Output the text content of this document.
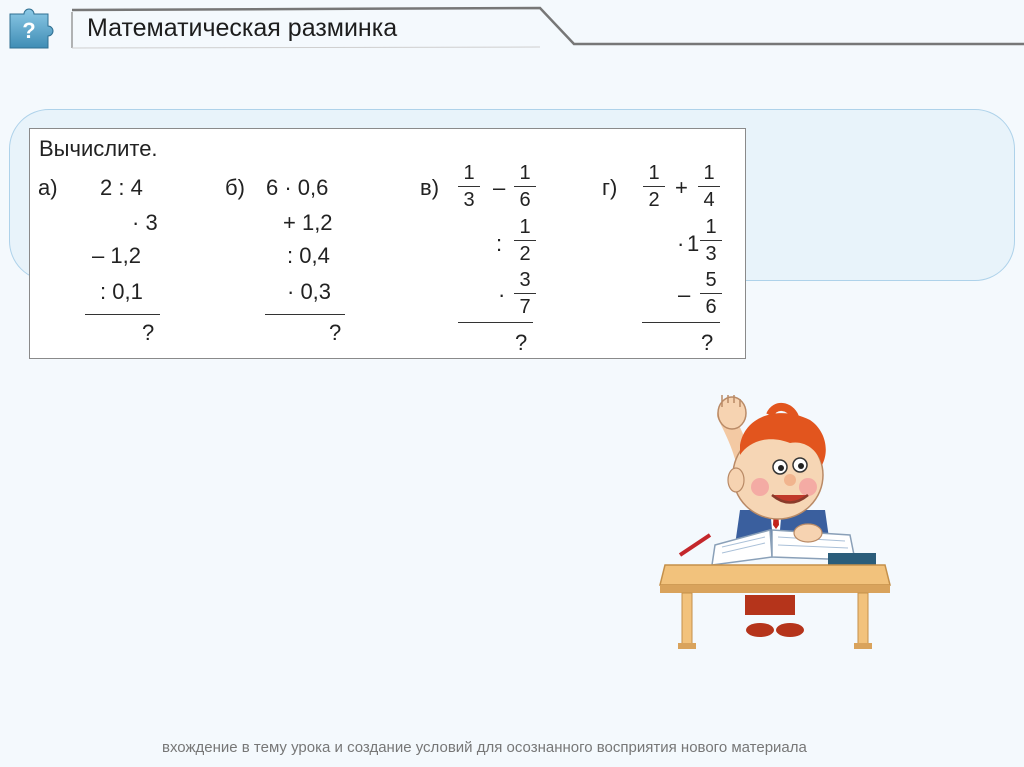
? Математическая разминка
Вычислите.
а) 2 : 4
· 3
– 1,2
: 0,1
?
б) 6 · 0,6
+ 1,2
: 0,4
· 0,3
?
в)
1
3 –
1
6
:
1
2
·
3
7
?
г)
1
2 +
1
4
· 1
1
3
–
5
6
?
вхождение в тему урока и создание условий для осознанного восприятия нового материала
